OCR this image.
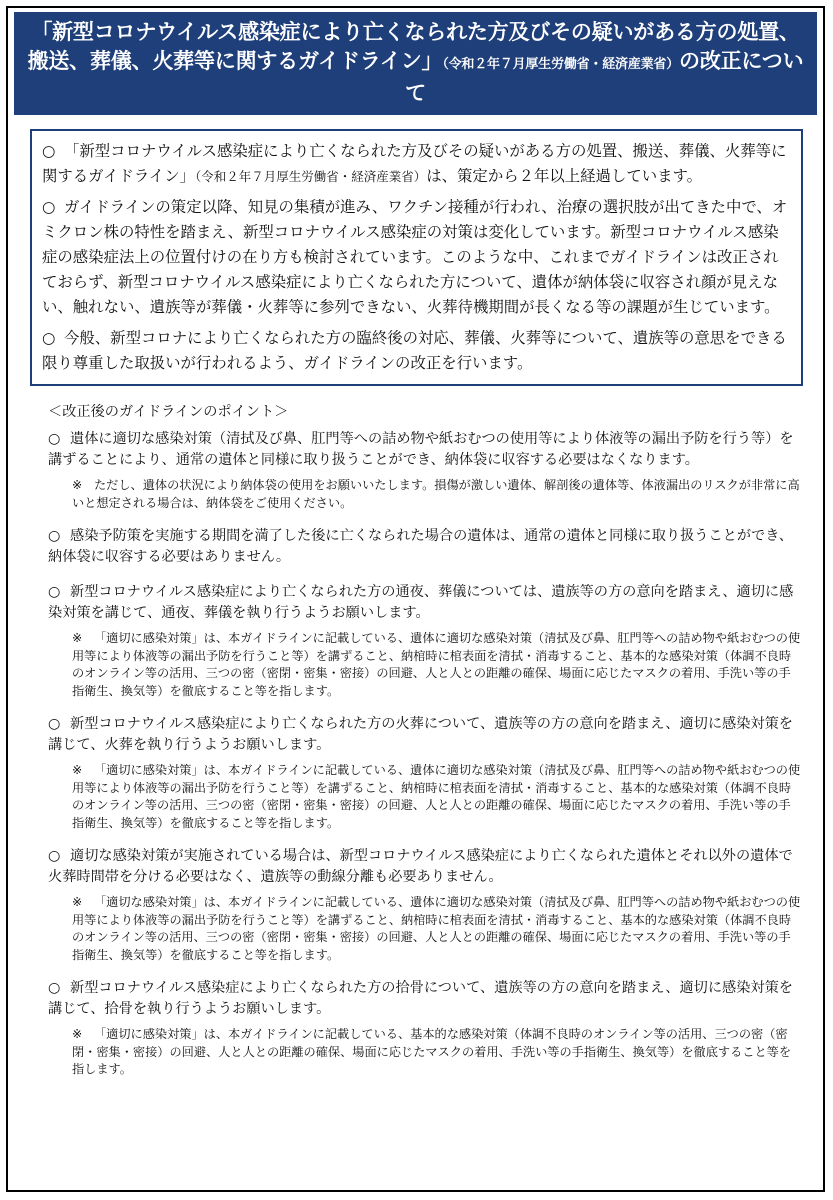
「新型コロナウイルス感染症により亡くなられた方及びその疑いがある方の処置、搬送、葬儀、火葬等に関するガイドライン」（令和２年７月厚生労働省・経済産業省）の改正について
○ 「新型コロナウイルス感染症により亡くなられた方及びその疑いがある方の処置、搬送、葬儀、火葬等に関するガイドライン」（令和２年７月厚生労働省・経済産業省）は、策定から２年以上経過しています。
○ ガイドラインの策定以降、知見の集積が進み、ワクチン接種が行われ、治療の選択肢が出てきた中で、オミクロン株の特性を踏まえ、新型コロナウイルス感染症の対策は変化しています。新型コロナウイルス感染症の感染症法上の位置付けの在り方も検討されています。このような中、これまでガイドラインは改正されておらず、新型コロナウイルス感染症により亡くなられた方について、遺体が納体袋に収容され顔が見えない、触れない、遺族等が葬儀・火葬等に参列できない、火葬待機期間が長くなる等の課題が生じています。
○ 今般、新型コロナにより亡くなられた方の臨終後の対応、葬儀、火葬等について、遺族等の意思をできる限り尊重した取扱いが行われるよう、ガイドラインの改正を行います。
＜改正後のガイドラインのポイント＞
○ 遺体に適切な感染対策（清拭及び鼻、肛門等への詰め物や紙おむつの使用等により体液等の漏出予防を行う等）を講ずることにより、通常の遺体と同様に取り扱うことができ、納体袋に収容する必要はなくなります。
※ ただし、遺体の状況により納体袋の使用をお願いいたします。損傷が激しい遺体、解剖後の遺体等、体液漏出のリスクが非常に高いと想定される場合は、納体袋をご使用ください。
○ 感染予防策を実施する期間を満了した後に亡くなられた場合の遺体は、通常の遺体と同様に取り扱うことができ、納体袋に収容する必要はありません。
○ 新型コロナウイルス感染症により亡くなられた方の通夜、葬儀については、遺族等の方の意向を踏まえ、適切に感染対策を講じて、通夜、葬儀を執り行うようお願いします。
※ 「適切に感染対策」は、本ガイドラインに記載している、遺体に適切な感染対策（清拭及び鼻、肛門等への詰め物や紙おむつの使用等により体液等の漏出予防を行うこと等）を講ずること、納棺時に棺表面を清拭・消毒すること、基本的な感染対策（体調不良時のオンライン等の活用、三つの密（密閉・密集・密接）の回避、人と人との距離の確保、場面に応じたマスクの着用、手洗い等の手指衛生、換気等）を徹底すること等を指します。
○ 新型コロナウイルス感染症により亡くなられた方の火葬について、遺族等の方の意向を踏まえ、適切に感染対策を講じて、火葬を執り行うようお願いします。
※ 「適切に感染対策」は、本ガイドラインに記載している、遺体に適切な感染対策（清拭及び鼻、肛門等への詰め物や紙おむつの使用等により体液等の漏出予防を行うこと等）を講ずること、納棺時に棺表面を清拭・消毒すること、基本的な感染対策（体調不良時のオンライン等の活用、三つの密（密閉・密集・密接）の回避、人と人との距離の確保、場面に応じたマスクの着用、手洗い等の手指衛生、換気等）を徹底すること等を指します。
○ 適切な感染対策が実施されている場合は、新型コロナウイルス感染症により亡くなられた遺体とそれ以外の遺体で火葬時間帯を分ける必要はなく、遺族等の動線分離も必要ありません。
※ 「適切な感染対策」は、本ガイドラインに記載している、遺体に適切な感染対策（清拭及び鼻、肛門等への詰め物や紙おむつの使用等により体液等の漏出予防を行うこと等）を講ずること、納棺時に棺表面を清拭・消毒すること、基本的な感染対策（体調不良時のオンライン等の活用、三つの密（密閉・密集・密接）の回避、人と人との距離の確保、場面に応じたマスクの着用、手洗い等の手指衛生、換気等）を徹底すること等を指します。
○ 新型コロナウイルス感染症により亡くなられた方の拾骨について、遺族等の方の意向を踏まえ、適切に感染対策を講じて、拾骨を執り行うようお願いします。
※ 「適切に感染対策」は、本ガイドラインに記載している、基本的な感染対策（体調不良時のオンライン等の活用、三つの密（密閉・密集・密接）の回避、人と人との距離の確保、場面に応じたマスクの着用、手洗い等の手指衛生、換気等）を徹底すること等を指します。
